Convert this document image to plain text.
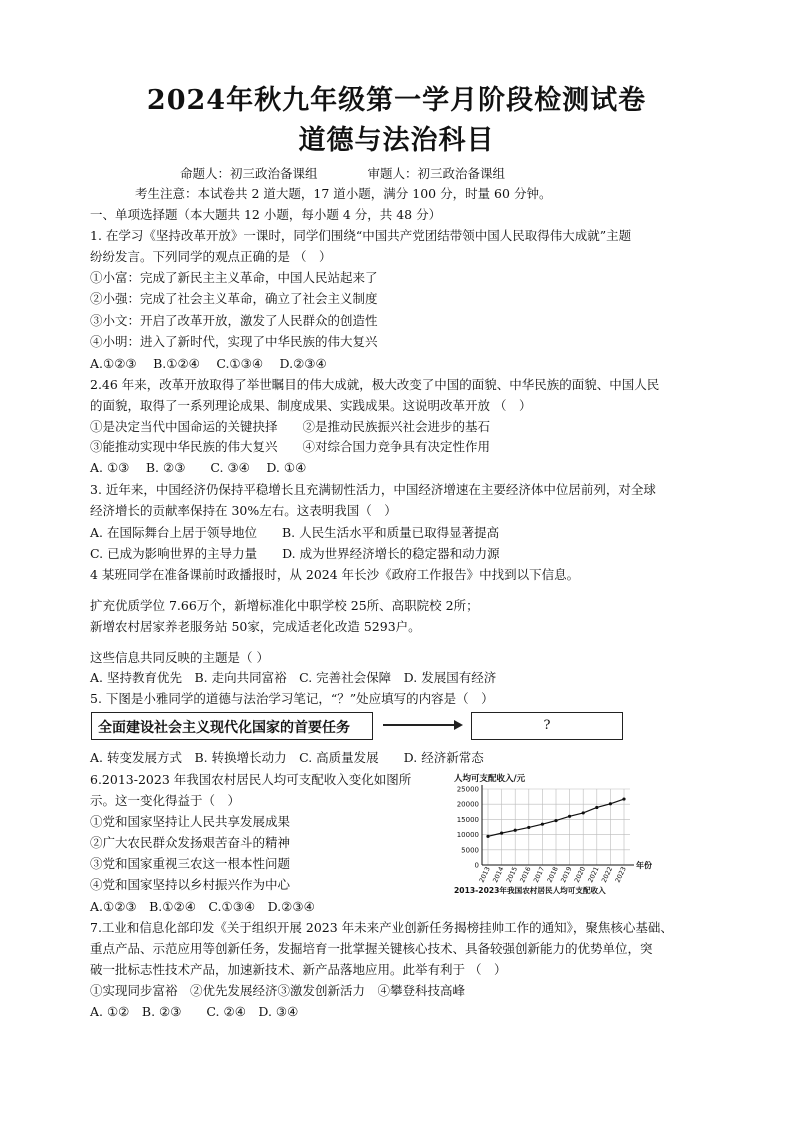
2024年秋九年级第一学月阶段检测试卷
道德与法治科目
命题人：初三政治备课组　　　　审题人：初三政治备课组
考生注意：本试卷共 2 道大题，17 道小题，满分 100 分，时量 60 分钟。
一、单项选择题（本大题共 12 小题，每小题 4 分，共 48 分）
1. 在学习《坚持改革开放》一课时，同学们围绕“中国共产党团结带领中国人民取得伟大成就”主题
纷纷发言。下列同学的观点正确的是 （　）
①小富：完成了新民主主义革命，中国人民站起来了
②小强：完成了社会主义革命，确立了社会主义制度
③小文：开启了改革开放，激发了人民群众的创造性
④小明：进入了新时代，实现了中华民族的伟大复兴
A.①②③　 B.①②④　 C.①③④　 D.②③④
2.46 年来，改革开放取得了举世瞩目的伟大成就，极大改变了中国的面貌、中华民族的面貌、中国人民
的面貌，取得了一系列理论成果、制度成果、实践成果。这说明改革开放 （　）
①是决定当代中国命运的关键抉择　　②是推动民族振兴社会进步的基石
③能推动实现中华民族的伟大复兴　　④对综合国力竞争具有决定性作用
A. ①③　 B. ②③　　C. ③④　 D. ①④
3. 近年来，中国经济仍保持平稳增长且充满韧性活力，中国经济增速在主要经济体中位居前列，对全球
经济增长的贡献率保持在 30%左右。这表明我国（　）
A. 在国际舞台上居于领导地位　　B. 人民生活水平和质量已取得显著提高
C. 已成为影响世界的主导力量　　D. 成为世界经济增长的稳定器和动力源
4 某班同学在准备课前时政播报时，从 2024 年长沙《政府工作报告》中找到以下信息。
扩充优质学位 7.66万个，新增标准化中职学校 25所、高职院校 2所；
新增农村居家养老服务站 50家，完成适老化改造 5293户。
这些信息共同反映的主题是（ ）
A. 坚持教育优先　B. 走向共同富裕　C. 完善社会保障　D. 发展国有经济
5. 下图是小雅同学的道德与法治学习笔记，“？”处应填写的内容是（　）
全面建设社会主义现代化国家的首要任务	?
A. 转变发展方式　B. 转换增长动力　C. 高质量发展　　D. 经济新常态
6.2013-2023 年我国农村居民人均可支配收入变化如图所
示。这一变化得益于（　）
①党和国家坚持让人民共享发展成果
②广大农民群众发扬艰苦奋斗的精神
③党和国家重视三农这一根本性问题
④党和国家坚持以乡村振兴作为中心
A.①②③　B.①②④　C.①③④　D.②③④
人均可支配收入/元
0
5000
10000
15000
20000
25000
2013 2014 2015 2016 2017 2018 2019 2020 2021 2022 2023 年份
2013-2023年我国农村居民人均可支配收入
7.工业和信息化部印发《关于组织开展 2023 年未来产业创新任务揭榜挂帅工作的通知》，聚焦核心基础、
重点产品、示范应用等创新任务，发掘培育一批掌握关键核心技术、具备较强创新能力的优势单位，突
破一批标志性技术产品，加速新技术、新产品落地应用。此举有利于 （　）
①实现同步富裕　②优先发展经济③激发创新活力　④攀登科技高峰
A. ①②　B. ②③　　C. ②④　D. ③④
